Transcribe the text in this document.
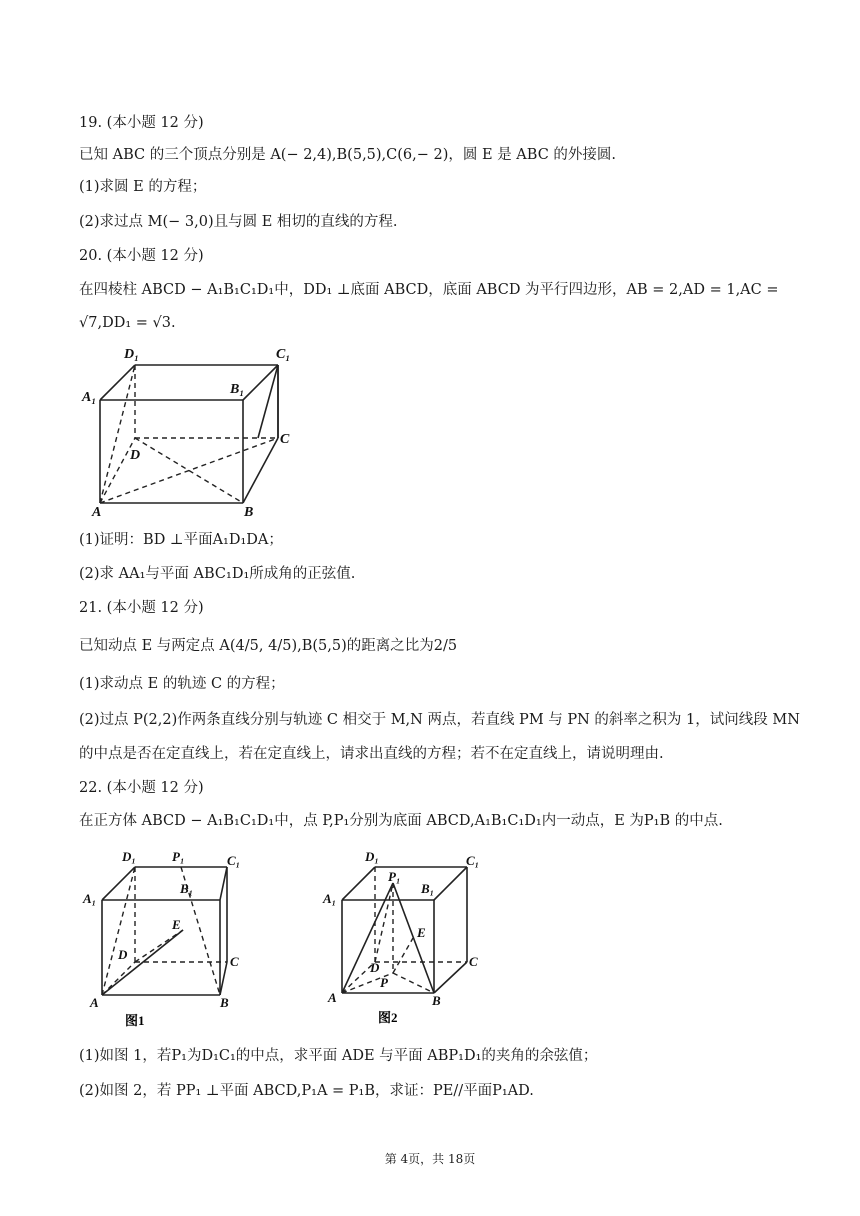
19. (本小题 12 分)
已知 ABC 的三个顶点分别是 A(− 2,4),B(5,5),C(6,− 2)，圆 E 是 ABC 的外接圆.
(1)求圆 E 的方程；
(2)求过点 M(− 3,0)且与圆 E 相切的直线的方程.
20. (本小题 12 分)
在四棱柱 ABCD − A₁B₁C₁D₁中，DD₁ ⊥底面 ABCD，底面 ABCD 为平行四边形，AB = 2,AD = 1,AC =
√7,DD₁ = √3.
D₁	C₁
A₁
B₁
D
C
A	B
(1)证明：BD ⊥平面A₁D₁DA；
(2)求 AA₁与平面 ABC₁D₁所成角的正弦值.
21. (本小题 12 分)
已知动点 E 与两定点 A(4/5, 4/5),B(5,5)的距离之比为2/5
(1)求动点 E 的轨迹 C 的方程；
(2)过点 P(2,2)作两条直线分别与轨迹 C 相交于 M,N 两点，若直线 PM 与 PN 的斜率之积为 1，试问线段 MN
的中点是否在定直线上，若在定直线上，请求出直线的方程；若不在定直线上，请说明理由.
22. (本小题 12 分)
在正方体 ABCD − A₁B₁C₁D₁中，点 P,P₁分别为底面 ABCD,A₁B₁C₁D₁内一动点，E 为P₁B 的中点.
D₁	P₁	C₁
A₁
B₁
E
D	C
A	B
图1
D₁	C₁
P₁
B₁
A₁
E
D
P
C
A	B
图2
(1)如图 1，若P₁为D₁C₁的中点，求平面 ADE 与平面 ABP₁D₁的夹角的余弦值；
(2)如图 2，若 PP₁ ⊥平面 ABCD,P₁A = P₁B，求证：PE//平面P₁AD.
第 4页，共 18页
